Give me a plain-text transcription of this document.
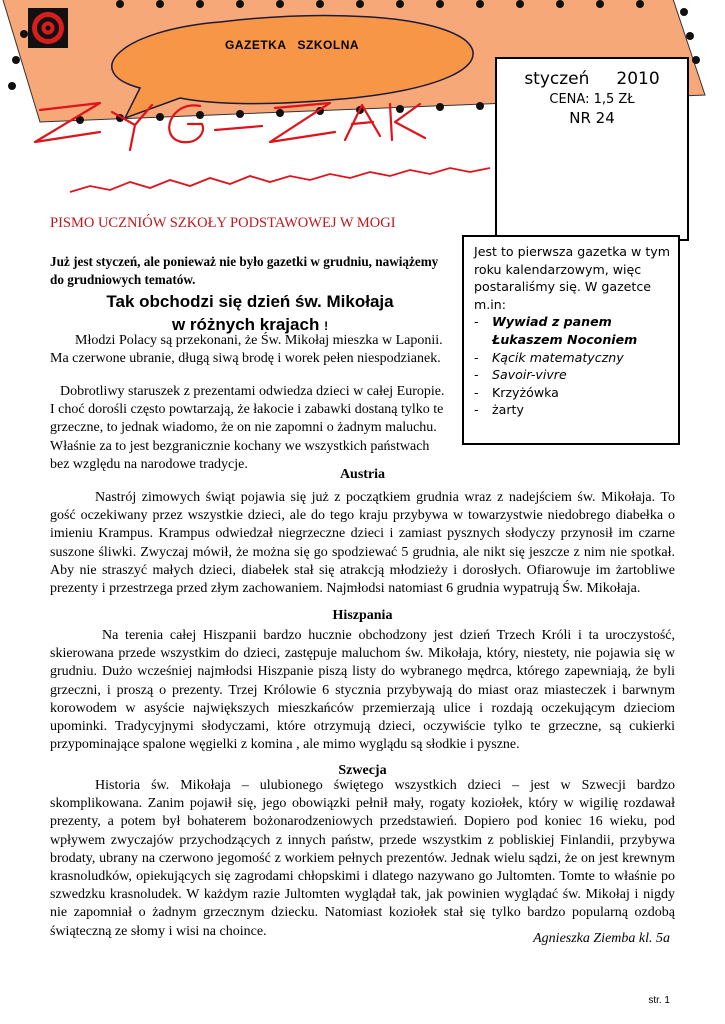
GAZETKA   SZKOLNA
styczeń     2010
CENA: 1,5 ZŁ
NR 24
PISMO UCZNIÓW SZKOŁY PODSTAWOWEJ W MOGI
Jest to pierwsza gazetka w tym roku kalendarzowym, więc postaraliśmy się. W gazetce m.in:
- Wywiad z panem Łukaszem Noconiem
- Kącik matematyczny
- Savoir-vivre
- Krzyżówka
- żarty
Już jest styczeń, ale ponieważ nie było gazetki w grudniu, nawiążemy do grudniowych tematów.
Tak obchodzi się dzień św. Mikołaja
w różnych krajach !
Młodzi Polacy są przekonani, że Św. Mikołaj mieszka w Laponii. Ma czerwone ubranie, długą siwą brodę i worek pełen niespodzianek.
Dobrotliwy staruszek z prezentami odwiedza dzieci w całej Europie. I choć dorośli często powtarzają, że łakocie i zabawki dostaną tylko te grzeczne, to jednak wiadomo, że on nie zapomni o żadnym maluchu. Właśnie za to jest bezgranicznie kochany we wszystkich państwach bez względu na narodowe tradycje.
Austria
Nastrój zimowych świąt pojawia się już z początkiem grudnia wraz z nadejściem św. Mikołaja. To gość oczekiwany przez wszystkie dzieci, ale do tego kraju przybywa w towarzystwie niedobrego diabełka o imieniu Krampus. Krampus odwiedzał niegrzeczne dzieci i zamiast pysznych słodyczy przynosił im czarne suszone śliwki. Zwyczaj mówił, że można się go spodziewać 5 grudnia, ale nikt się jeszcze z nim nie spotkał. Aby nie straszyć małych dzieci, diabełek stał się atrakcją młodzieży i dorosłych. Ofiarowuje im żartobliwe prezenty i przestrzega przed złym zachowaniem. Najmłodsi natomiast 6 grudnia wypatrują Św. Mikołaja.
Hiszpania
Na terenia całej Hiszpanii bardzo hucznie obchodzony jest dzień Trzech Króli i ta uroczystość, skierowana przede wszystkim do dzieci, zastępuje maluchom św. Mikołaja, który, niestety, nie pojawia się w grudniu. Dużo wcześniej najmłodsi Hiszpanie piszą listy do wybranego mędrca, którego zapewniają, że byli grzeczni, i proszą o prezenty. Trzej Królowie 6 stycznia przybywają do miast oraz miasteczek i barwnym korowodem w asyście największych mieszkańców przemierzają ulice i rozdają oczekującym dzieciom upominki. Tradycyjnymi słodyczami, które otrzymują dzieci, oczywiście tylko te grzeczne, są cukierki przypominające spalone węgielki z komina , ale mimo wyglądu są słodkie i pyszne.
Szwecja
Historia św. Mikołaja – ulubionego świętego wszystkich dzieci – jest w Szwecji bardzo skomplikowana. Zanim pojawił się, jego obowiązki pełnił mały, rogaty koziołek, który w wigilię rozdawał prezenty, a potem był bohaterem bożonarodzeniowych przedstawień. Dopiero pod koniec 16 wieku, pod wpływem zwyczajów przychodzących z innych państw, przede wszystkim z pobliskiej Finlandii, przybywa brodaty, ubrany na czerwono jegomość z workiem pełnych prezentów. Jednak wielu sądzi, że on jest krewnym krasnoludków, opiekujących się zagrodami chłopskimi i dlatego nazywano go Jultomten. Tomte to właśnie po szwedzku krasnoludek. W każdym razie Jultomten wyglądał tak, jak powinien wyglądać św. Mikołaj i nigdy nie zapomniał o żadnym grzecznym dziecku. Natomiast koziołek stał się tylko bardzo popularną ozdobą świąteczną ze słomy i wisi na choince.	Agnieszka Ziemba kl. 5a
str. 1
